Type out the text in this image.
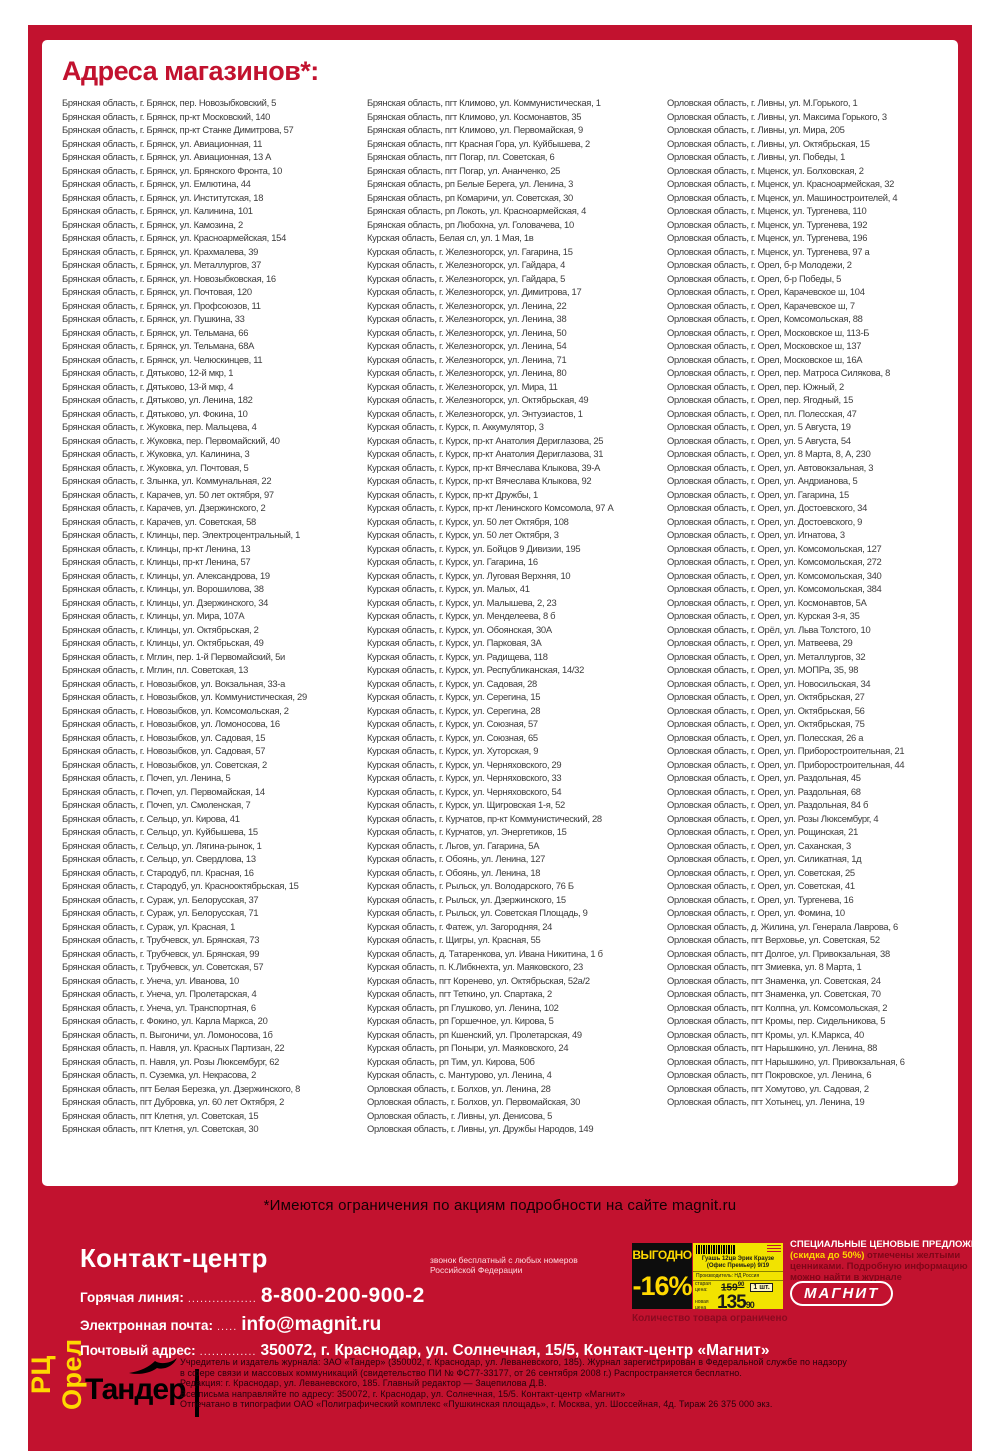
Адреса магазинов*:
Брянская область, г. Брянск, пер. Новозыбковский, 5
Брянская область, г. Брянск, пр-кт Московский, 140
Брянская область, г. Брянск, пр-кт Станке Димитрова, 57
Брянская область, г. Брянск, ул. Авиационная, 11
Брянская область, г. Брянск, ул. Авиационная, 13 А
Брянская область, г. Брянск, ул. Брянского Фронта, 10
Брянская область, г. Брянск, ул. Емлютина, 44
Брянская область, г. Брянск, ул. Институтская, 18
Брянская область, г. Брянск, ул. Калинина, 101
Брянская область, г. Брянск, ул. Камозина, 2
Брянская область, г. Брянск, ул. Красноармейская, 154
Брянская область, г. Брянск, ул. Крахмалева, 39
Брянская область, г. Брянск, ул. Металлургов, 37
Брянская область, г. Брянск, ул. Новозыбковская, 16
Брянская область, г. Брянск, ул. Почтовая, 120
Брянская область, г. Брянск, ул. Профсоюзов, 11
Брянская область, г. Брянск, ул. Пушкина, 33
Брянская область, г. Брянск, ул. Тельмана, 66
Брянская область, г. Брянск, ул. Тельмана, 68А
Брянская область, г. Брянск, ул. Челюскинцев, 11
Брянская область, г. Дятьково, 12-й мкр, 1
Брянская область, г. Дятьково, 13-й мкр, 4
Брянская область, г. Дятьково, ул. Ленина, 182
Брянская область, г. Дятьково, ул. Фокина, 10
Брянская область, г. Жуковка, пер. Мальцева, 4
Брянская область, г. Жуковка, пер. Первомайский, 40
Брянская область, г. Жуковка, ул. Калинина, 3
Брянская область, г. Жуковка, ул. Почтовая, 5
Брянская область, г. Злынка, ул. Коммунальная, 22
Брянская область, г. Карачев, ул. 50 лет октября, 97
Брянская область, г. Карачев, ул. Дзержинского, 2
Брянская область, г. Карачев, ул. Советская, 58
Брянская область, г. Клинцы, пер. Электроцентральный, 1
Брянская область, г. Клинцы, пр-кт Ленина, 13
Брянская область, г. Клинцы, пр-кт Ленина, 57
Брянская область, г. Клинцы, ул. Александрова, 19
Брянская область, г. Клинцы, ул. Ворошилова, 38
Брянская область, г. Клинцы, ул. Дзержинского, 34
Брянская область, г. Клинцы, ул. Мира, 107А
Брянская область, г. Клинцы, ул. Октябрьская, 2
Брянская область, г. Клинцы, ул. Октябрьская, 49
Брянская область, г. Мглин, пер. 1-й Первомайский, 5и
Брянская область, г. Мглин, пл. Советская, 13
Брянская область, г. Новозыбков, ул. Вокзальная, 33-а
Брянская область, г. Новозыбков, ул. Коммунистическая, 29
Брянская область, г. Новозыбков, ул. Комсомольская, 2
Брянская область, г. Новозыбков, ул. Ломоносова, 16
Брянская область, г. Новозыбков, ул. Садовая, 15
Брянская область, г. Новозыбков, ул. Садовая, 57
Брянская область, г. Новозыбков, ул. Советская, 2
Брянская область, г. Почеп, ул. Ленина, 5
Брянская область, г. Почеп, ул. Первомайская, 14
Брянская область, г. Почеп, ул. Смоленская, 7
Брянская область, г. Сельцо, ул. Кирова, 41
Брянская область, г. Сельцо, ул. Куйбышева, 15
Брянская область, г. Сельцо, ул. Лягина-рынок, 1
Брянская область, г. Сельцо, ул. Свердлова, 13
Брянская область, г. Стародуб, пл. Красная, 16
Брянская область, г. Стародуб, ул. Краснооктябрьская, 15
Брянская область, г. Сураж, ул. Белорусская, 37
Брянская область, г. Сураж, ул. Белорусская, 71
Брянская область, г. Сураж, ул. Красная, 1
Брянская область, г. Трубчевск, ул. Брянская, 73
Брянская область, г. Трубчевск, ул. Брянская, 99
Брянская область, г. Трубчевск, ул. Советская, 57
Брянская область, г. Унеча, ул. Иванова, 10
Брянская область, г. Унеча, ул. Пролетарская, 4
Брянская область, г. Унеча, ул. Транспортная, 6
Брянская область, г. Фокино, ул. Карла Маркса, 20
Брянская область, п. Выгоничи, ул. Ломоносова, 1б
Брянская область, п. Навля, ул. Красных Партизан, 22
Брянская область, п. Навля, ул. Розы Люксембург, 62
Брянская область, п. Суземка, ул. Некрасова, 2
Брянская область, пгт Белая Березка, ул. Дзержинского, 8
Брянская область, пгт Дубровка, ул. 60 лет Октября, 2
Брянская область, пгт Клетня, ул. Советская, 15
Брянская область, пгт Клетня, ул. Советская, 30
Брянская область, пгт Климово, ул. Коммунистическая, 1
Брянская область, пгт Климово, ул. Космонавтов, 35
Брянская область, пгт Климово, ул. Первомайская, 9
Брянская область, пгт Красная Гора, ул. Куйбышева, 2
Брянская область, пгт Погар, пл. Советская, 6
Брянская область, пгт Погар, ул. Ананченко, 25
Брянская область, рп Белые Берега, ул. Ленина, 3
Брянская область, рп Комаричи, ул. Советская, 30
Брянская область, рп Локоть, ул. Красноармейская, 4
Брянская область, рп Любохна, ул. Головачева, 10
Курская область, Белая сл, ул. 1 Мая, 1в
Курская область, г. Железногорск, ул. Гагарина, 15
Курская область, г. Железногорск, ул. Гайдара, 4
Курская область, г. Железногорск, ул. Гайдара, 5
Курская область, г. Железногорск, ул. Димитрова, 17
Курская область, г. Железногорск, ул. Ленина, 22
Курская область, г. Железногорск, ул. Ленина, 38
Курская область, г. Железногорск, ул. Ленина, 50
Курская область, г. Железногорск, ул. Ленина, 54
Курская область, г. Железногорск, ул. Ленина, 71
Курская область, г. Железногорск, ул. Ленина, 80
Курская область, г. Железногорск, ул. Мира, 11
Курская область, г. Железногорск, ул. Октябрьская, 49
Курская область, г. Железногорск, ул. Энтузиастов, 1
Курская область, г. Курск, п. Аккумулятор, 3
Курская область, г. Курск, пр-кт Анатолия Дериглазова, 25
Курская область, г. Курск, пр-кт Анатолия Дериглазова, 31
Курская область, г. Курск, пр-кт Вячеслава Клыкова, 39-А
Курская область, г. Курск, пр-кт Вячеслава Клыкова, 92
Курская область, г. Курск, пр-кт Дружбы, 1
Курская область, г. Курск, пр-кт Ленинского Комсомола, 97 А
Курская область, г. Курск, ул. 50 лет Октября, 108
Курская область, г. Курск, ул. 50 лет Октября, 3
Курская область, г. Курск, ул. Бойцов 9 Дивизии, 195
Курская область, г. Курск, ул. Гагарина, 16
Курская область, г. Курск, ул. Луговая Верхняя, 10
Курская область, г. Курск, ул. Малых, 41
Курская область, г. Курск, ул. Малышева, 2, 23
Курская область, г. Курск, ул. Менделеева, 8 б
Курская область, г. Курск, ул. Обоянская, 30А
Курская область, г. Курск, ул. Парковая, 3А
Курская область, г. Курск, ул. Радищева, 118
Курская область, г. Курск, ул. Республиканская, 14/32
Курская область, г. Курск, ул. Садовая, 28
Курская область, г. Курск, ул. Серегина, 15
Курская область, г. Курск, ул. Серегина, 28
Курская область, г. Курск, ул. Союзная, 57
Курская область, г. Курск, ул. Союзная, 65
Курская область, г. Курск, ул. Хуторская, 9
Курская область, г. Курск, ул. Черняховского, 29
Курская область, г. Курск, ул. Черняховского, 33
Курская область, г. Курск, ул. Черняховского, 54
Курская область, г. Курск, ул. Щигровская 1-я, 52
Курская область, г. Курчатов, пр-кт Коммунистический, 28
Курская область, г. Курчатов, ул. Энергетиков, 15
Курская область, г. Льгов, ул. Гагарина, 5А
Курская область, г. Обоянь, ул. Ленина, 127
Курская область, г. Обоянь, ул. Ленина, 18
Курская область, г. Рыльск, ул. Володарского, 76 Б
Курская область, г. Рыльск, ул. Дзержинского, 15
Курская область, г. Рыльск, ул. Советская Площадь, 9
Курская область, г. Фатеж, ул. Загородняя, 24
Курская область, г. Щигры, ул. Красная, 55
Курская область, д. Татаренкова, ул. Ивана Никитина, 1 б
Курская область, п. К.Либкнехта, ул. Маяковского, 23
Курская область, пгт Коренево, ул. Октябрьская, 52а/2
Курская область, пгт Теткино, ул. Спартака, 2
Курская область, рп Глушково, ул. Ленина, 102
Курская область, рп Горшечное, ул. Кирова, 5
Курская область, рп Кшенский, ул. Пролетарская, 49
Курская область, рп Поныри, ул. Маяковского, 24
Курская область, рп Тим, ул. Кирова, 50б
Курская область, с. Мантурово, ул. Ленина, 4
Орловская область, г. Болхов, ул. Ленина, 28
Орловская область, г. Болхов, ул. Первомайская, 30
Орловская область, г. Ливны, ул. Денисова, 5
Орловская область, г. Ливны, ул. Дружбы Народов, 149
Орловская область, г. Ливны, ул. М.Горького, 1
Орловская область, г. Ливны, ул. Максима Горького, 3
Орловская область, г. Ливны, ул. Мира, 205
Орловская область, г. Ливны, ул. Октябрьская, 15
Орловская область, г. Ливны, ул. Победы, 1
Орловская область, г. Мценск, ул. Болховская, 2
Орловская область, г. Мценск, ул. Красноармейская, 32
Орловская область, г. Мценск, ул. Машиностроителей, 4
Орловская область, г. Мценск, ул. Тургенева, 110
Орловская область, г. Мценск, ул. Тургенева, 192
Орловская область, г. Мценск, ул. Тургенева, 196
Орловская область, г. Мценск, ул. Тургенева, 97 а
Орловская область, г. Орел, б-р Молодежи, 2
Орловская область, г. Орел, б-р Победы, 5
Орловская область, г. Орел, Карачевское ш, 104
Орловская область, г. Орел, Карачевское ш, 7
Орловская область, г. Орел, Комсомольская, 88
Орловская область, г. Орел, Московское ш, 113-Б
Орловская область, г. Орел, Московское ш, 137
Орловская область, г. Орел, Московское ш, 16А
Орловская область, г. Орел, пер. Матроса Силякова, 8
Орловская область, г. Орел, пер. Южный, 2
Орловская область, г. Орел, пер. Ягодный, 15
Орловская область, г. Орел, пл. Полесская, 47
Орловская область, г. Орел, ул. 5 Августа, 19
Орловская область, г. Орел, ул. 5 Августа, 54
Орловская область, г. Орел, ул. 8 Марта, 8, А, 230
Орловская область, г. Орел, ул. Автовокзальная, 3
Орловская область, г. Орел, ул. Андрианова, 5
Орловская область, г. Орел, ул. Гагарина, 15
Орловская область, г. Орел, ул. Достоевского, 34
Орловская область, г. Орел, ул. Достоевского, 9
Орловская область, г. Орел, ул. Игнатова, 3
Орловская область, г. Орел, ул. Комсомольская, 127
Орловская область, г. Орел, ул. Комсомольская, 272
Орловская область, г. Орел, ул. Комсомольская, 340
Орловская область, г. Орел, ул. Комсомольская, 384
Орловская область, г. Орел, ул. Космонавтов, 5А
Орловская область, г. Орел, ул. Курская 3-я, 35
Орловская область, г. Орёл, ул. Льва Толстого, 10
Орловская область, г. Орел, ул. Матвеева, 29
Орловская область, г. Орел, ул. Металлургов, 32
Орловская область, г. Орел, ул. МОПРа, 35, 98
Орловская область, г. Орел, ул. Новосильская, 34
Орловская область, г. Орел, ул. Октябрьская, 27
Орловская область, г. Орел, ул. Октябрьская, 56
Орловская область, г. Орел, ул. Октябрьская, 75
Орловская область, г. Орел, ул. Полесская, 26 а
Орловская область, г. Орел, ул. Приборостроительная, 21
Орловская область, г. Орел, ул. Приборостроительная, 44
Орловская область, г. Орел, ул. Раздольная, 45
Орловская область, г. Орел, ул. Раздольная, 68
Орловская область, г. Орел, ул. Раздольная, 84 б
Орловская область, г. Орел, ул. Розы Люксембург, 4
Орловская область, г. Орел, ул. Рощинская, 21
Орловская область, г. Орел, ул. Саханская, 3
Орловская область, г. Орел, ул. Силикатная, 1д
Орловская область, г. Орел, ул. Советская, 25
Орловская область, г. Орел, ул. Советская, 41
Орловская область, г. Орел, ул. Тургенева, 16
Орловская область, г. Орел, ул. Фомина, 10
Орловская область, д. Жилина, ул. Генерала Лаврова, 6
Орловская область, пгт Верховье, ул. Советская, 52
Орловская область, пгт Долгое, ул. Привокзальная, 38
Орловская область, пгт Змиевка, ул. 8 Марта, 1
Орловская область, пгт Знаменка, ул. Советская, 24
Орловская область, пгт Знаменка, ул. Советская, 70
Орловская область, пгт Колпна, ул. Комсомольская, 2
Орловская область, пгт Кромы, пер. Сидельникова, 5
Орловская область, пгт Кромы, ул. К.Маркса, 40
Орловская область, пгт Нарышкино, ул. Ленина, 88
Орловская область, пгт Нарышкино, ул. Привокзальная, 6
Орловская область, пгт Покровское, ул. Ленина, 6
Орловская область, пгт Хомутово, ул. Садовая, 2
Орловская область, пгт Хотынец, ул. Ленина, 19
*Имеются ограничения по акциям подробности на сайте magnit.ru
Контакт-центр
Горячая линия: ................. 8-800-200-900-2
Электронная почта: ..... info@magnit.ru
Почтовый адрес: .............. 350072, г. Краснодар, ул. Солнечная, 15/5, Контакт-центр «Магнит»
звонок бесплатный с любых номеров
Российской Федерации
ВЫГОДНО
-16%
Гуашь 12цв Эрик Краузе (Офис Премьер) 9/19
Производитель: НД Россия
старая цена:	$159^{90}$	1 шт.
новая цена 13590
Количество товара ограничено
СПЕЦИАЛЬНЫЕ ЦЕНОВЫЕ ПРЕДЛОЖЕНИЯ (скидка до 50%) отмечены желтыми ценниками. Подробную информацию можно найти в журнале
МАГНИТ
РЦ Орел
Тандер
Учредитель и издатель журнала: ЗАО «Тандер» (350002, г. Краснодар, ул. Леваневского, 185). Журнал зарегистрирован в Федеральной службе по надзору
в сфере связи и массовых коммуникаций (свидетельство ПИ № ФС77-33177, от 26 сентября 2008 г.) Распространяется бесплатно.
Редакция: г. Краснодар, ул. Леваневского, 185. Главный редактор — Зацепилова Д.В.
Все письма направляйте по адресу: 350072, г. Краснодар, ул. Солнечная, 15/5. Контакт-центр «Магнит»
Отпечатано в типографии ОАО «Полиграфический комплекс «Пушкинская площадь», г. Москва, ул. Шоссейная, 4д. Тираж 26 375 000 экз.
